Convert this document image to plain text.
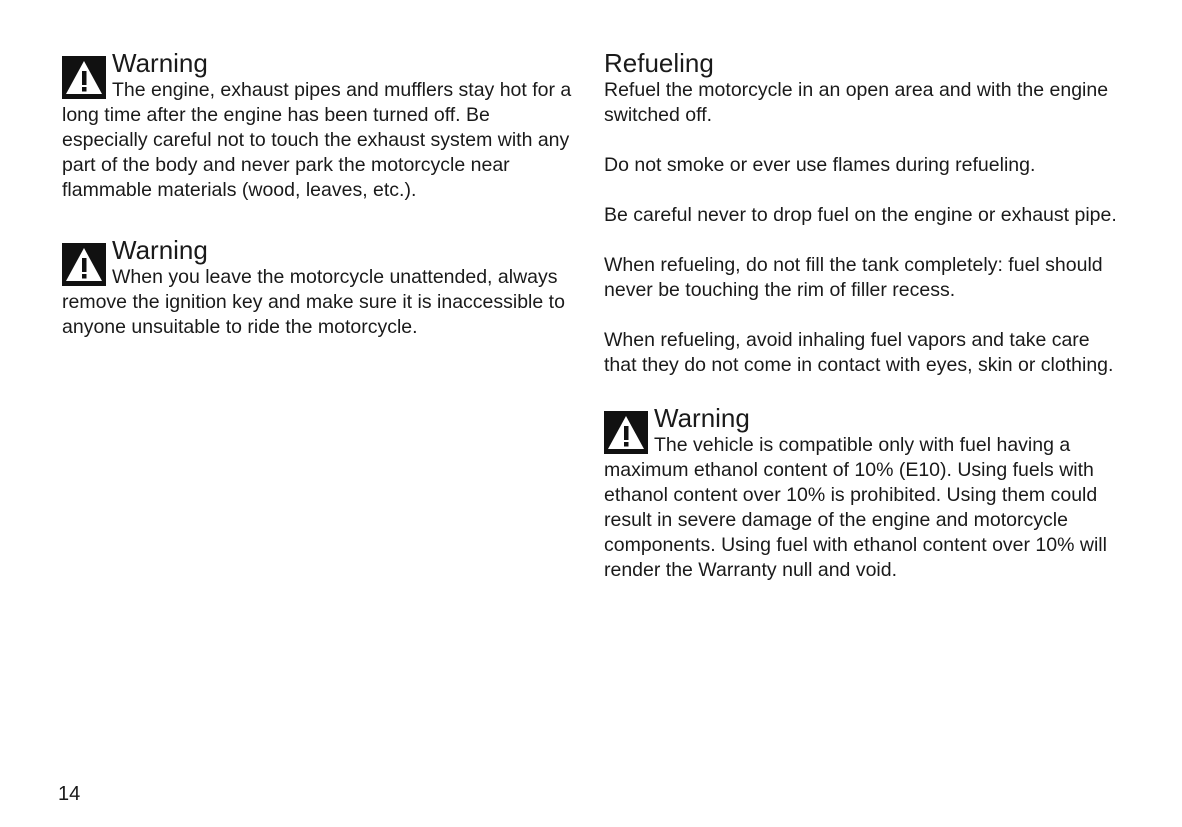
Warning

The engine, exhaust pipes and mufflers stay hot for a long time after the engine has been turned off. Be especially careful not to touch the exhaust system with any part of the body and never park the motorcycle near flammable materials (wood, leaves, etc.).

Warning

When you leave the motorcycle unattended, always remove the ignition key and make sure it is inaccessible to anyone unsuitable to ride the motorcycle.

Refueling

Refuel the motorcycle in an open area and with the engine switched off.

Do not smoke or ever use flames during refueling.

Be careful never to drop fuel on the engine or exhaust pipe.

When refueling, do not fill the tank completely: fuel should never be touching the rim of filler recess.

When refueling, avoid inhaling fuel vapors and take care that they do not come in contact with eyes, skin or clothing.

Warning

The vehicle is compatible only with fuel having a maximum ethanol content of 10% (E10). Using fuels with ethanol content over 10% is prohibited. Using them could result in severe damage of the engine and motorcycle components. Using fuel with ethanol content over 10% will render the Warranty null and void.

14
